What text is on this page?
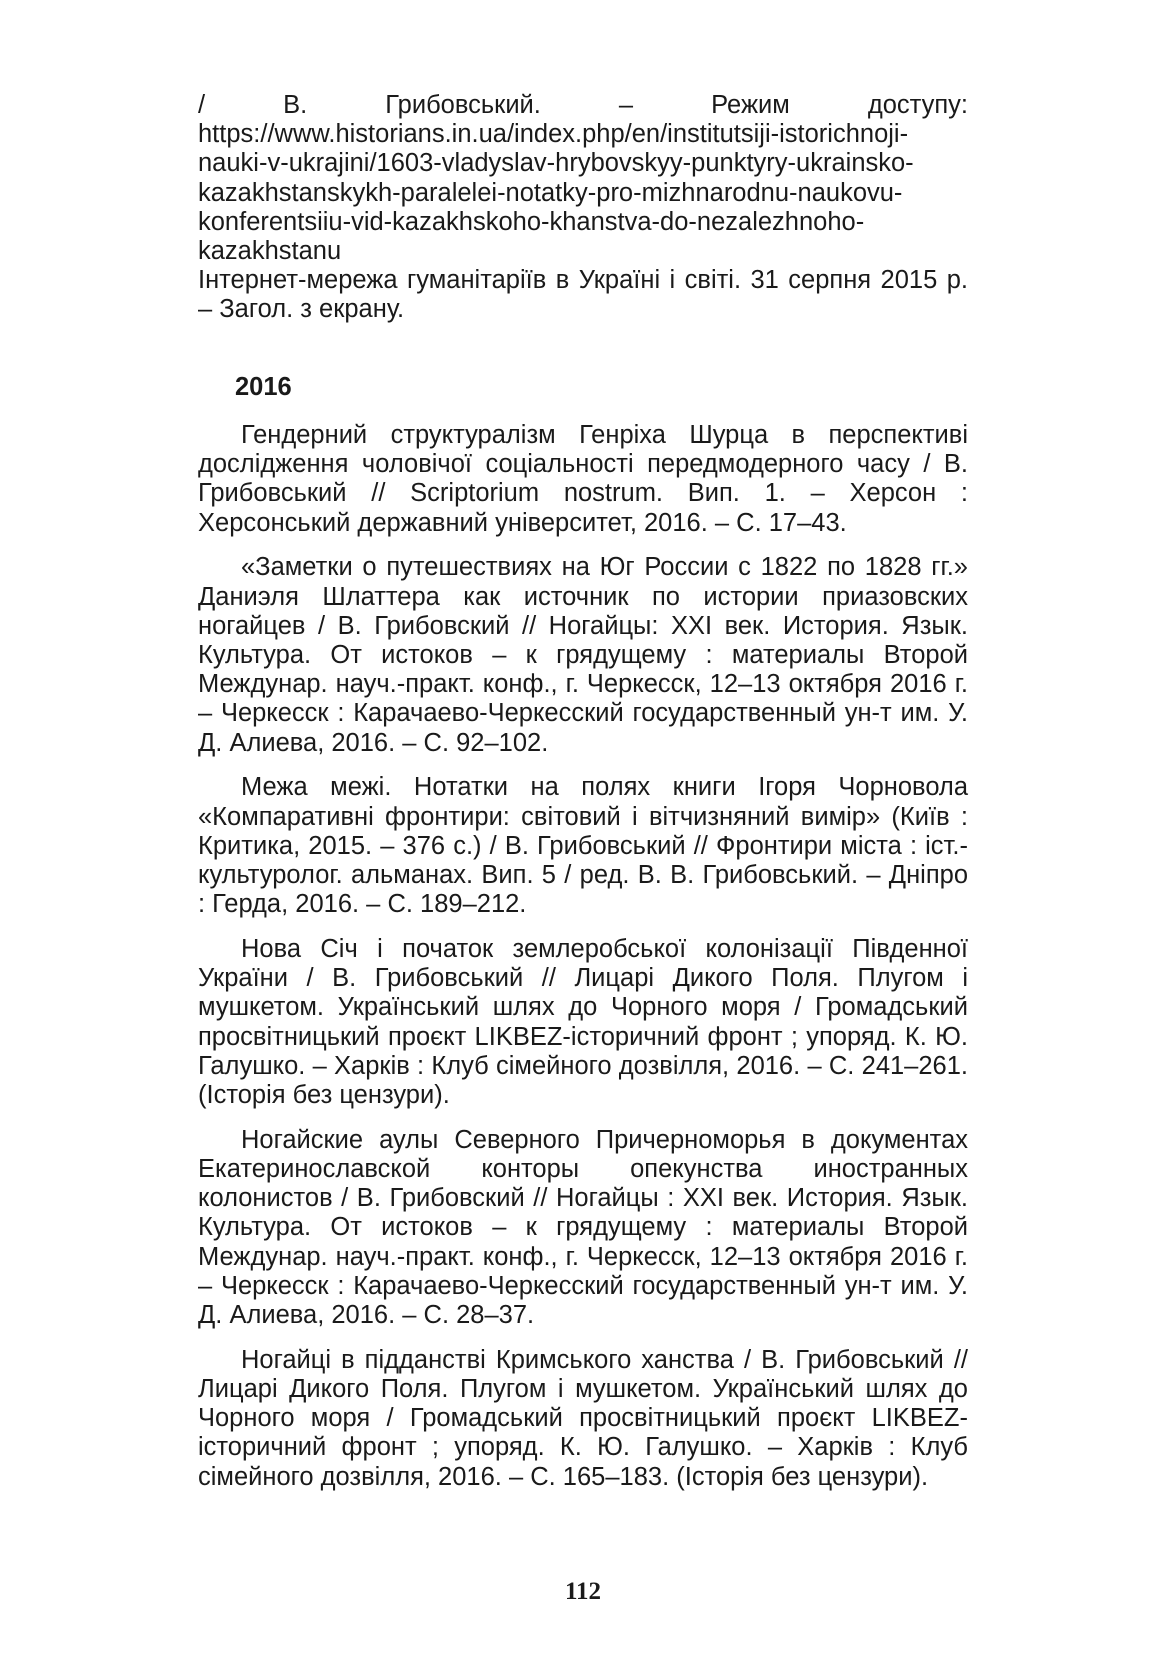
/ В. Грибовський. – Режим доступу: https://www.historians.in.ua/index.php/en/institutsiji-istorichnoji-nauki-v-ukrajini/1603-vladyslav-hrybovskyy-punktyry-ukrainsko-kazakhstanskykh-paralelei-notatky-pro-mizhnarodnu-naukovu-konferentsiiu-vid-kazakhskoho-khanstva-do-nezalezhnoho-kazakhstanu

Інтернет-мережа гуманітаріїв в Україні і світі. 31 серпня 2015 р. – Загол. з екрану.

2016

Гендерний структуралізм Генріха Шурца в перспективі дослідження чоловічої соціальності передмодерного часу / В. Грибовський // Scriptorium nostrum. Вип. 1. – Херсон : Херсонський державний університет, 2016. – С. 17–43.

«Заметки о путешествиях на Юг России с 1822 по 1828 гг.» Даниэля Шлаттера как источник по истории приазовских ногайцев / В. Грибовский // Ногайцы: XXI век. История. Язык. Культура. От истоков – к грядущему : материалы Второй Междунар. науч.-практ. конф., г. Черкесск, 12–13 октября 2016 г. – Черкесск : Карачаево-Черкесский государственный ун-т им. У. Д. Алиева, 2016. – С. 92–102.

Межа межі. Нотатки на полях книги Ігоря Чорновола «Компаративні фронтири: світовий і вітчизняний вимір» (Київ : Критика, 2015. – 376 с.) / В. Грибовський // Фронтири міста : іст.-культуролог. альманах. Вип. 5 / ред. В. В. Грибовський. – Дніпро : Герда, 2016. – С. 189–212.

Нова Січ і початок землеробської колонізації Південної України / В. Грибовський // Лицарі Дикого Поля. Плугом і мушкетом. Український шлях до Чорного моря / Громадський просвітницький проєкт LIKBEZ-історичний фронт ; упоряд. К. Ю. Галушко. – Харків : Клуб сімейного дозвілля, 2016. – С. 241–261. (Історія без цензури).

Ногайские аулы Северного Причерноморья в документах Екатеринославской конторы опекунства иностранных колонистов / В. Грибовский // Ногайцы : XXI век. История. Язык. Культура. От истоков – к грядущему : материалы Второй Междунар. науч.-практ. конф., г. Черкесск, 12–13 октября 2016 г. – Черкесск : Карачаево-Черкесский государственный ун-т им. У. Д. Алиева, 2016. – С. 28–37.

Ногайці в підданстві Кримського ханства / В. Грибовський // Лицарі Дикого Поля. Плугом і мушкетом. Український шлях до Чорного моря / Громадський просвітницький проєкт LIKBEZ-історичний фронт ; упоряд. К. Ю. Галушко. – Харків : Клуб сімейного дозвілля, 2016. – С. 165–183. (Історія без цензури).

112
